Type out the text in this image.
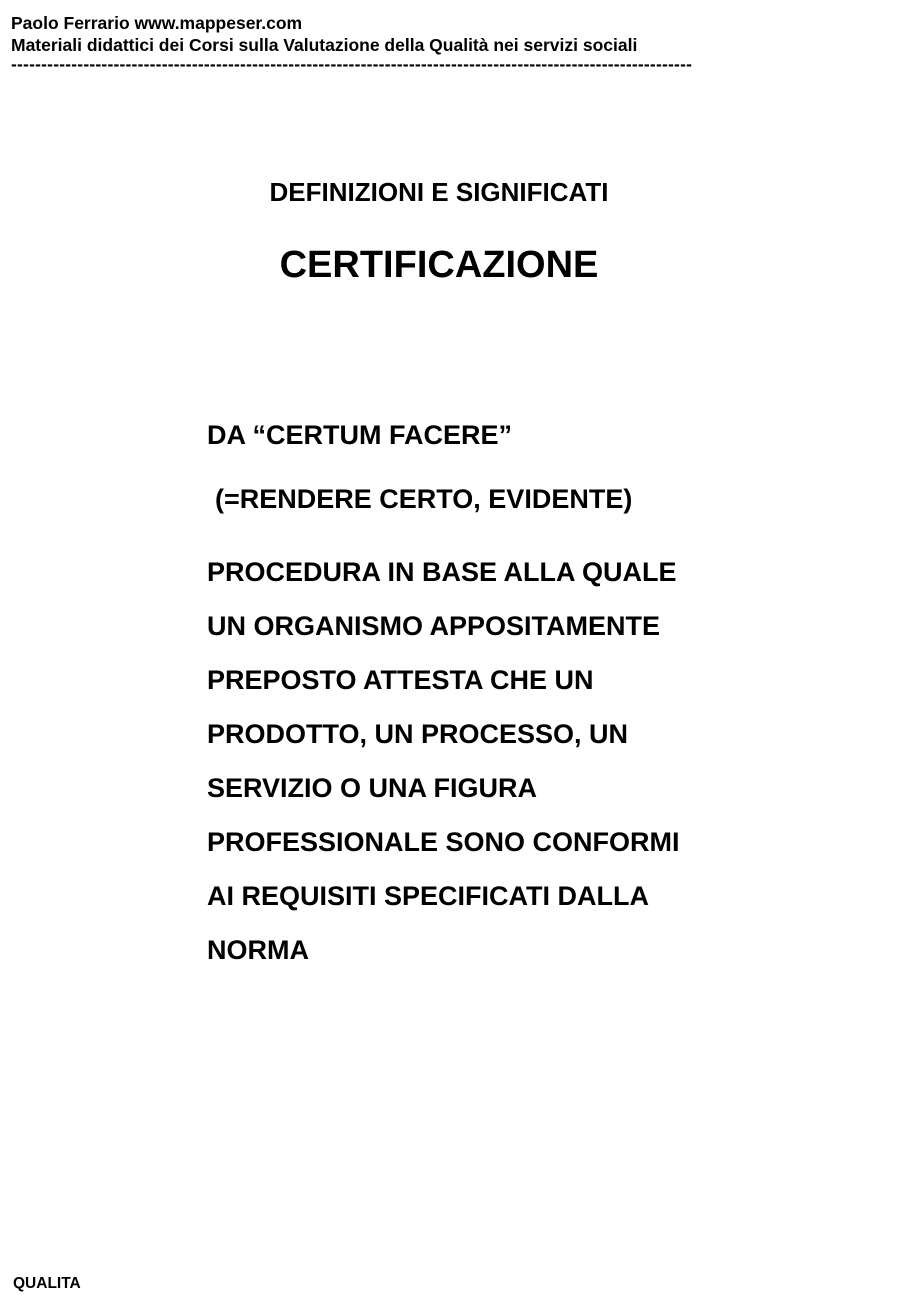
Paolo Ferrario www.mappeser.com
Materiali didattici dei Corsi sulla Valutazione della Qualità nei servizi sociali
-----------------------------------------------------------------------------------------------------------------
DEFINIZIONI E SIGNIFICATI
CERTIFICAZIONE
DA “CERTUM FACERE”
(=RENDERE CERTO, EVIDENTE)
PROCEDURA IN BASE ALLA QUALE
UN ORGANISMO APPOSITAMENTE
PREPOSTO ATTESTA CHE UN
PRODOTTO, UN PROCESSO, UN
SERVIZIO O UNA FIGURA
PROFESSIONALE SONO CONFORMI
AI REQUISITI SPECIFICATI DALLA
NORMA
QUALITA
